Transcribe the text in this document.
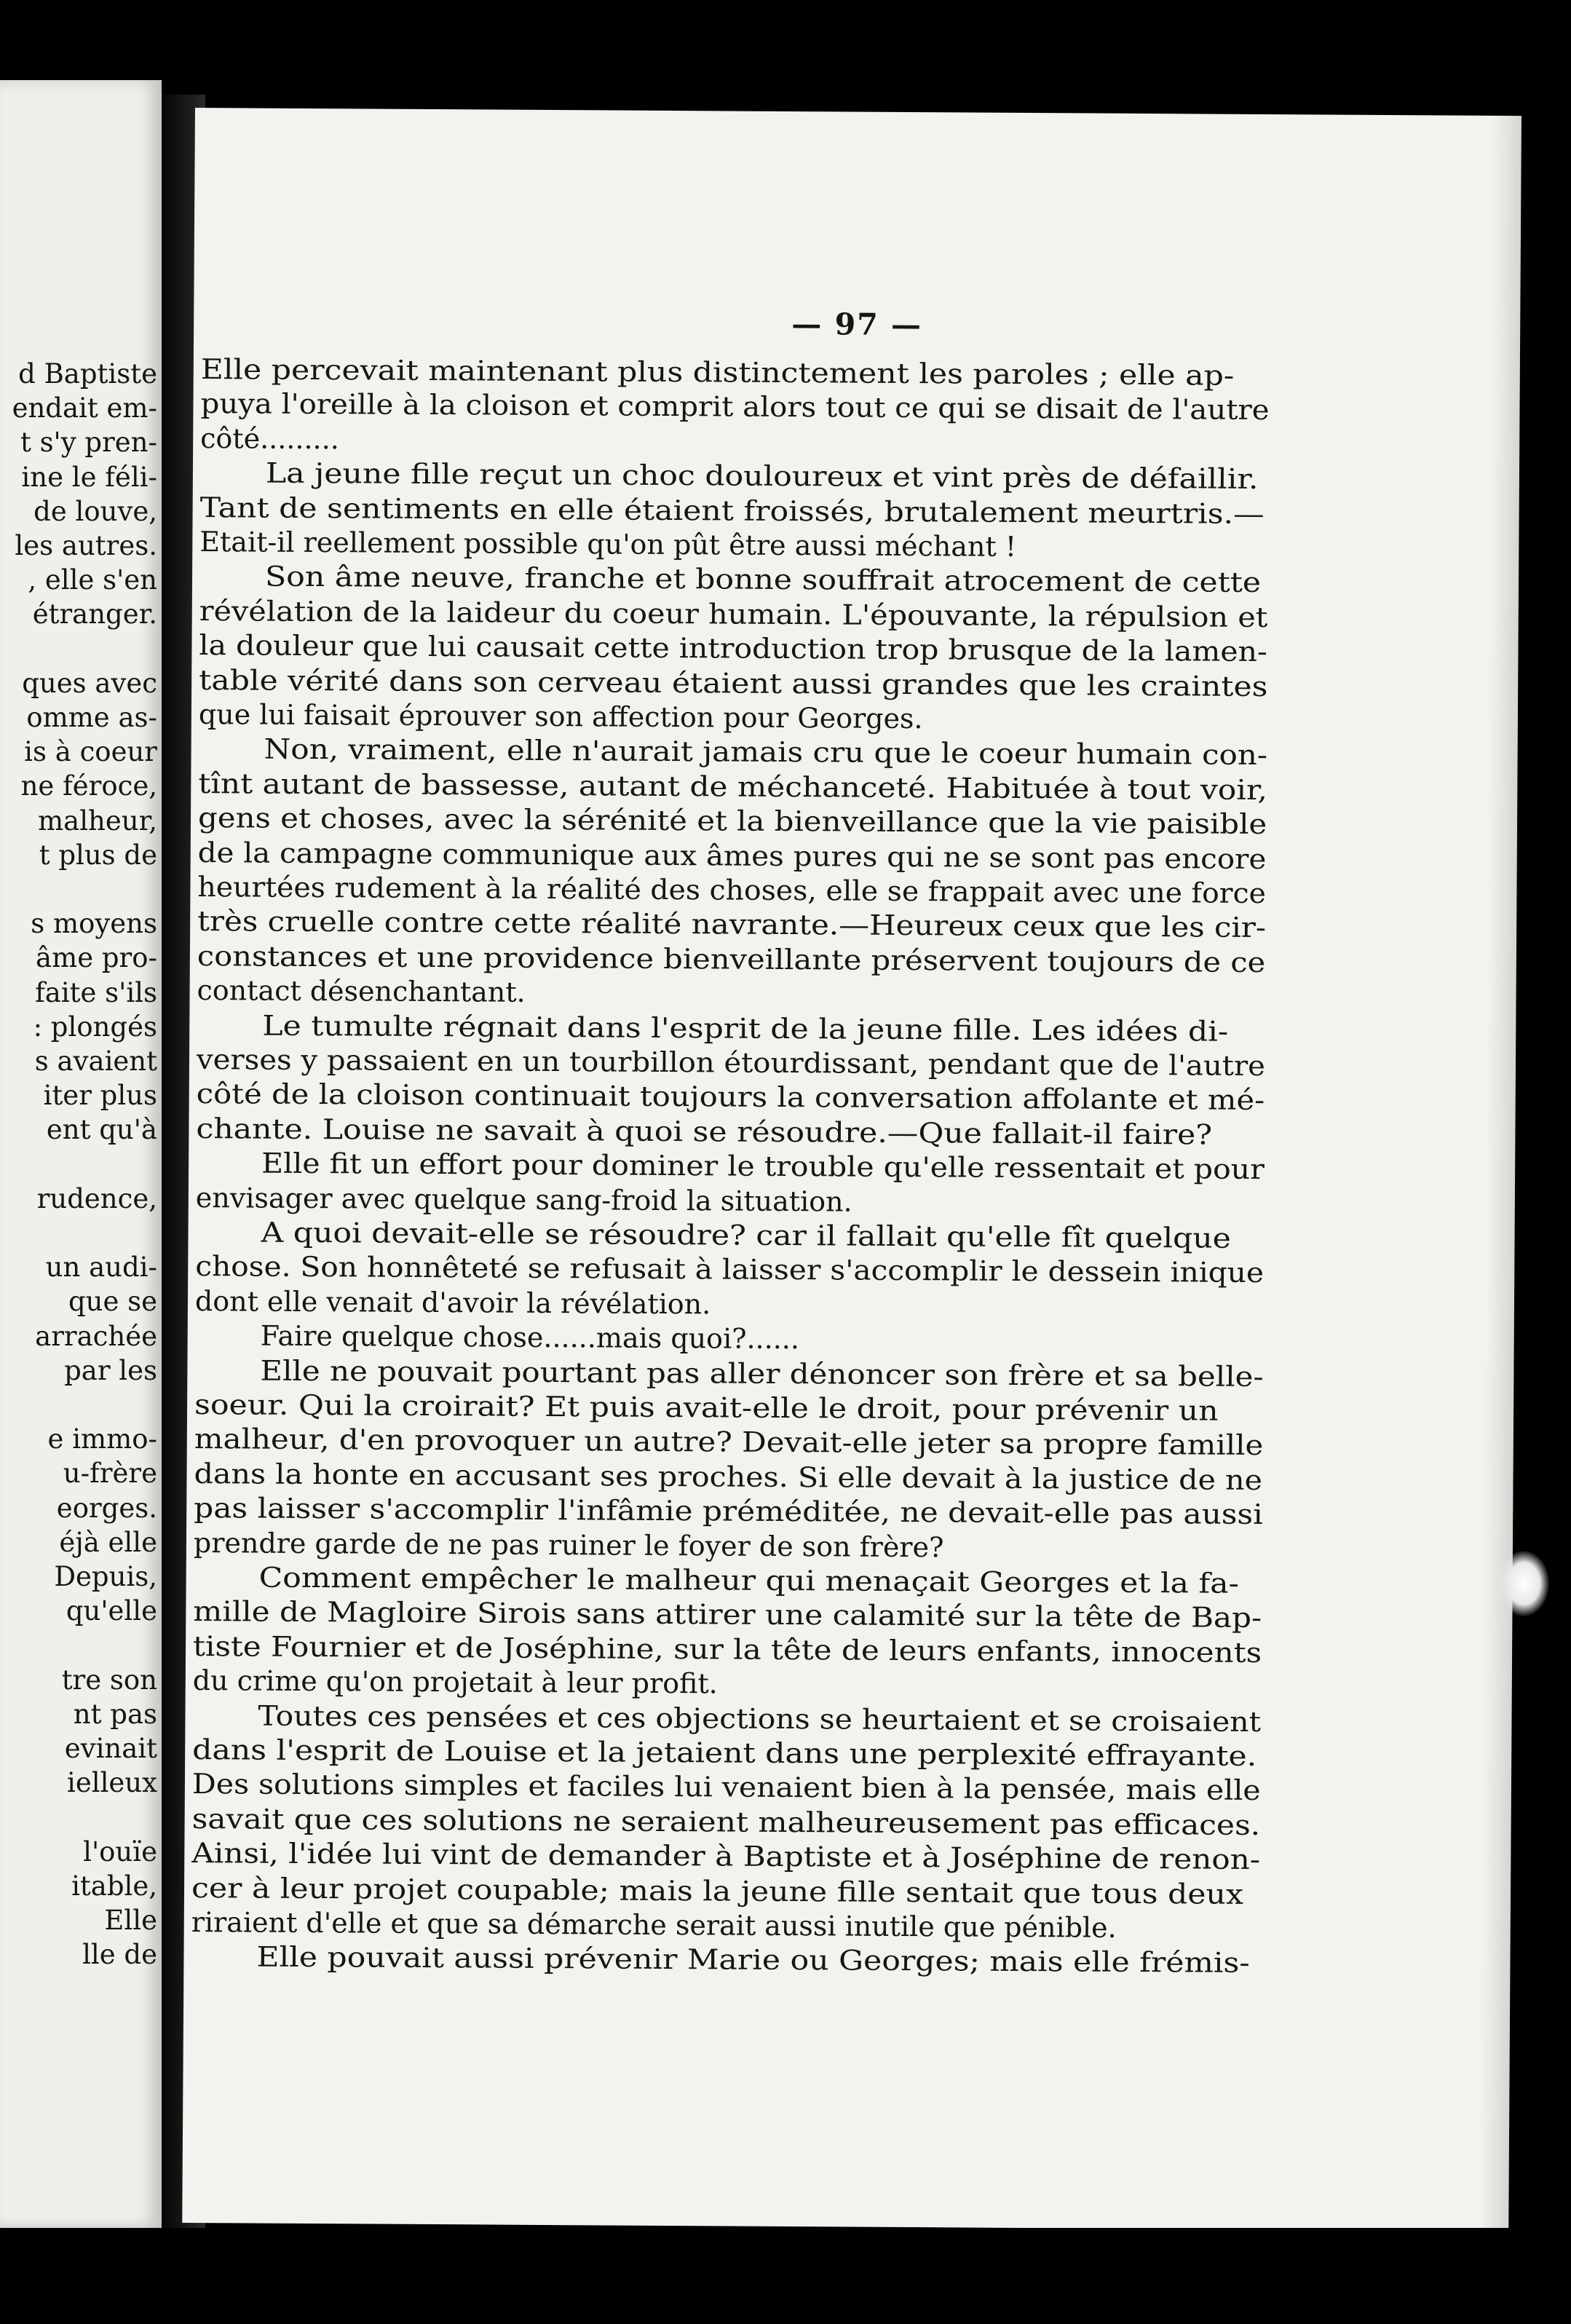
d Baptiste
endait em-
t s'y pren-
ine le féli-
de louve,
les autres.
, elle s'en
étranger.
ques avec
omme as-
is à coeur
ne féroce,
malheur,
t plus de
s moyens
âme pro-
faite s'ils
: plongés
s avaient
iter plus
ent qu'à
rudence,
un audi-
que se
arrachée
par les
e immo-
u-frère
eorges.
éjà elle
Depuis,
qu'elle
tre son
nt pas
evinait
ielleux
l'ouïe
itable,
Elle
lle de
— 97 —
Elle percevait maintenant plus distinctement les paroles ; elle ap-
puya l'oreille à la cloison et comprit alors tout ce qui se disait de l'autre
côté.........
La jeune fille reçut un choc douloureux et vint près de défaillir.
Tant de sentiments en elle étaient froissés, brutalement meurtris.—
Etait-il reellement possible qu'on pût être aussi méchant !
Son âme neuve, franche et bonne souffrait atrocement de cette
révélation de la laideur du coeur humain. L'épouvante, la répulsion et
la douleur que lui causait cette introduction trop brusque de la lamen-
table vérité dans son cerveau étaient aussi grandes que les craintes
que lui faisait éprouver son affection pour Georges.
Non, vraiment, elle n'aurait jamais cru que le coeur humain con-
tînt autant de bassesse, autant de méchanceté. Habituée à tout voir,
gens et choses, avec la sérénité et la bienveillance que la vie paisible
de la campagne communique aux âmes pures qui ne se sont pas encore
heurtées rudement à la réalité des choses, elle se frappait avec une force
très cruelle contre cette réalité navrante.—Heureux ceux que les cir-
constances et une providence bienveillante préservent toujours de ce
contact désenchantant.
Le tumulte régnait dans l'esprit de la jeune fille. Les idées di-
verses y passaient en un tourbillon étourdissant, pendant que de l'autre
côté de la cloison continuait toujours la conversation affolante et mé-
chante. Louise ne savait à quoi se résoudre.—Que fallait-il faire?
Elle fit un effort pour dominer le trouble qu'elle ressentait et pour
envisager avec quelque sang-froid la situation.
A quoi devait-elle se résoudre? car il fallait qu'elle fît quelque
chose. Son honnêteté se refusait à laisser s'accomplir le dessein inique
dont elle venait d'avoir la révélation.
Faire quelque chose......mais quoi?......
Elle ne pouvait pourtant pas aller dénoncer son frère et sa belle-
soeur. Qui la croirait? Et puis avait-elle le droit, pour prévenir un
malheur, d'en provoquer un autre? Devait-elle jeter sa propre famille
dans la honte en accusant ses proches. Si elle devait à la justice de ne
pas laisser s'accomplir l'infâmie préméditée, ne devait-elle pas aussi
prendre garde de ne pas ruiner le foyer de son frère?
Comment empêcher le malheur qui menaçait Georges et la fa-
mille de Magloire Sirois sans attirer une calamité sur la tête de Bap-
tiste Fournier et de Joséphine, sur la tête de leurs enfants, innocents
du crime qu'on projetait à leur profit.
Toutes ces pensées et ces objections se heurtaient et se croisaient
dans l'esprit de Louise et la jetaient dans une perplexité effrayante.
Des solutions simples et faciles lui venaient bien à la pensée, mais elle
savait que ces solutions ne seraient malheureusement pas efficaces.
Ainsi, l'idée lui vint de demander à Baptiste et à Joséphine de renon-
cer à leur projet coupable; mais la jeune fille sentait que tous deux
riraient d'elle et que sa démarche serait aussi inutile que pénible.
Elle pouvait aussi prévenir Marie ou Georges; mais elle frémis-
